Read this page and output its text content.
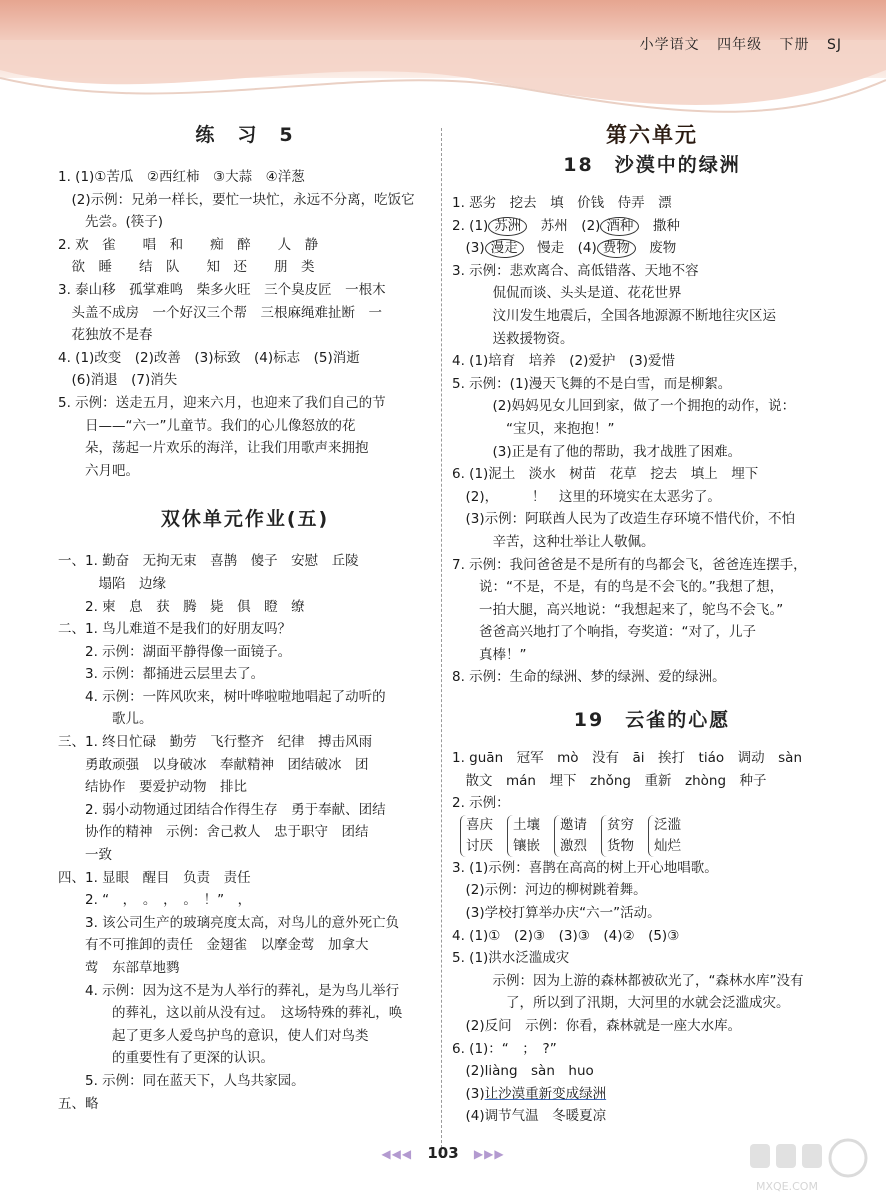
小学语文 四年级 下册 SJ
练　习　5
1. (1)①苦瓜　②西红柿　③大蒜　④洋葱
　(2)示例：兄弟一样长，要忙一块忙，永远不分离，吃饭它
　　先尝。(筷子)
2. 欢　雀　　唱　和　　痴　醉　　人　静
　欲　睡　　结　队　　知　还　　朋　类
3. 泰山移　孤掌难鸣　柴多火旺　三个臭皮匠　一根木
　头盖不成房　一个好汉三个帮　三根麻绳难扯断　一
　花独放不是春
4. (1)改变　(2)改善　(3)标致　(4)标志　(5)消逝
　(6)消退　(7)消失
5. 示例：送走五月，迎来六月，也迎来了我们自己的节
　　日——“六一”儿童节。我们的心儿像怒放的花
　　朵，荡起一片欢乐的海洋，让我们用歌声来拥抱
　　六月吧。
双休单元作业(五)
一、1. 勤奋　无拘无束　喜鹊　傻子　安慰　丘陵
　　　塌陷　边缘
　　2. 柬　息　获　腾　毙　俱　瞪　缭
二、1. 鸟儿难道不是我们的好朋友吗？
　　2. 示例：湖面平静得像一面镜子。
　　3. 示例：都捅进云层里去了。
　　4. 示例：一阵风吹来，树叶哗啦啦地唱起了动听的
　　　　歌儿。
三、1. 终日忙碌　勤劳　飞行整齐　纪律　搏击风雨
　　勇敢顽强　以身破冰　奉献精神　团结破冰　团
　　结协作　要爱护动物　排比
　　2. 弱小动物通过团结合作得生存　勇于奉献、团结
　　协作的精神　示例：舍己救人　忠于职守　团结
　　一致
四、1. 显眼　醒目　负责　责任
　　2. “　，　。　，　。　！”　，
　　3. 该公司生产的玻璃亮度太高，对鸟儿的意外死亡负
　　有不可推卸的责任　金翅雀　以摩金莺　加拿大
　　莺　东部草地鹨
　　4. 示例：因为这不是为人举行的葬礼，是为鸟儿举行
　　　　的葬礼，这以前从没有过。　这场特殊的葬礼，唤
　　　　起了更多人爱鸟护鸟的意识，使人们对鸟类
　　　　的重要性有了更深的认识。
　　5. 示例：同在蓝天下，人鸟共家园。
五、略
第六单元
18　沙漠中的绿洲
1. 恶劣　挖去　填　价钱　侍弄　漂
2. (1) 苏洲　 苏州　(2) 酒种　 撒种
　(3) 漫走　 慢走　(4) 费物　 废物
3. 示例：悲欢离合、高低错落、天地不容
　　　侃侃而谈、头头是道、花花世界
　　　汶川发生地震后，全国各地源源不断地往灾区运
　　　送救援物资。
4. (1)培育　培养　(2)爱护　(3)爱惜
5. 示例：(1)漫天飞舞的不是白雪，而是柳絮。
　　　(2)妈妈见女儿回到家，做了一个拥抱的动作，说：
　　　　“宝贝，来抱抱！”
　　　(3)正是有了他的帮助，我才战胜了困难。
6. (1)泥土　淡水　树苗　花草　挖去　填上　埋下
　(2)，　　　！　这里的环境实在太恶劣了。
　(3)示例：阿联酋人民为了改造生存环境不惜代价，不怕
　　　辛苦，这种壮举让人敬佩。
7. 示例：我问爸爸是不是所有的鸟都会飞，爸爸连连摆手，
　　说：“不是，不是，有的鸟是不会飞的。”我想了想，
　　一拍大腿，高兴地说：“我想起来了，鸵鸟不会飞。”
　　爸爸高兴地打了个响指，夸奖道：“对了，儿子
　　真棒！”
8. 示例：生命的绿洲、梦的绿洲、爱的绿洲。
19　云雀的心愿
1. guān　冠军　mò　没有　āi　挨打　tiáo　调动　sàn
　散文　mán　埋下　zhǒng　重新　zhòng　种子
2. 示例：
喜庆
讨厌
土壤
镶嵌
邀请
激烈
贫穷
货物
泛滥
灿烂
3. (1)示例：喜鹊在高高的树上开心地唱歌。
　(2)示例：河边的柳树跳着舞。
　(3)学校打算举办庆“六一”活动。
4. (1)①　(2)③　(3)③　(4)②　(5)③
5. (1)洪水泛滥成灾
　　　示例：因为上游的森林都被砍光了，“森林水库”没有
　　　　了，所以到了汛期，大河里的水就会泛滥成灾。
　(2)反问　示例：你看，森林就是一座大水库。
6. (1)：“　；　?”
　(2)liàng　sàn　huo
　(3)让沙漠重新变成绿洲
　(4)调节气温　冬暖夏凉
◀◀◀ 103 ▶▶▶
MXQE.COM
